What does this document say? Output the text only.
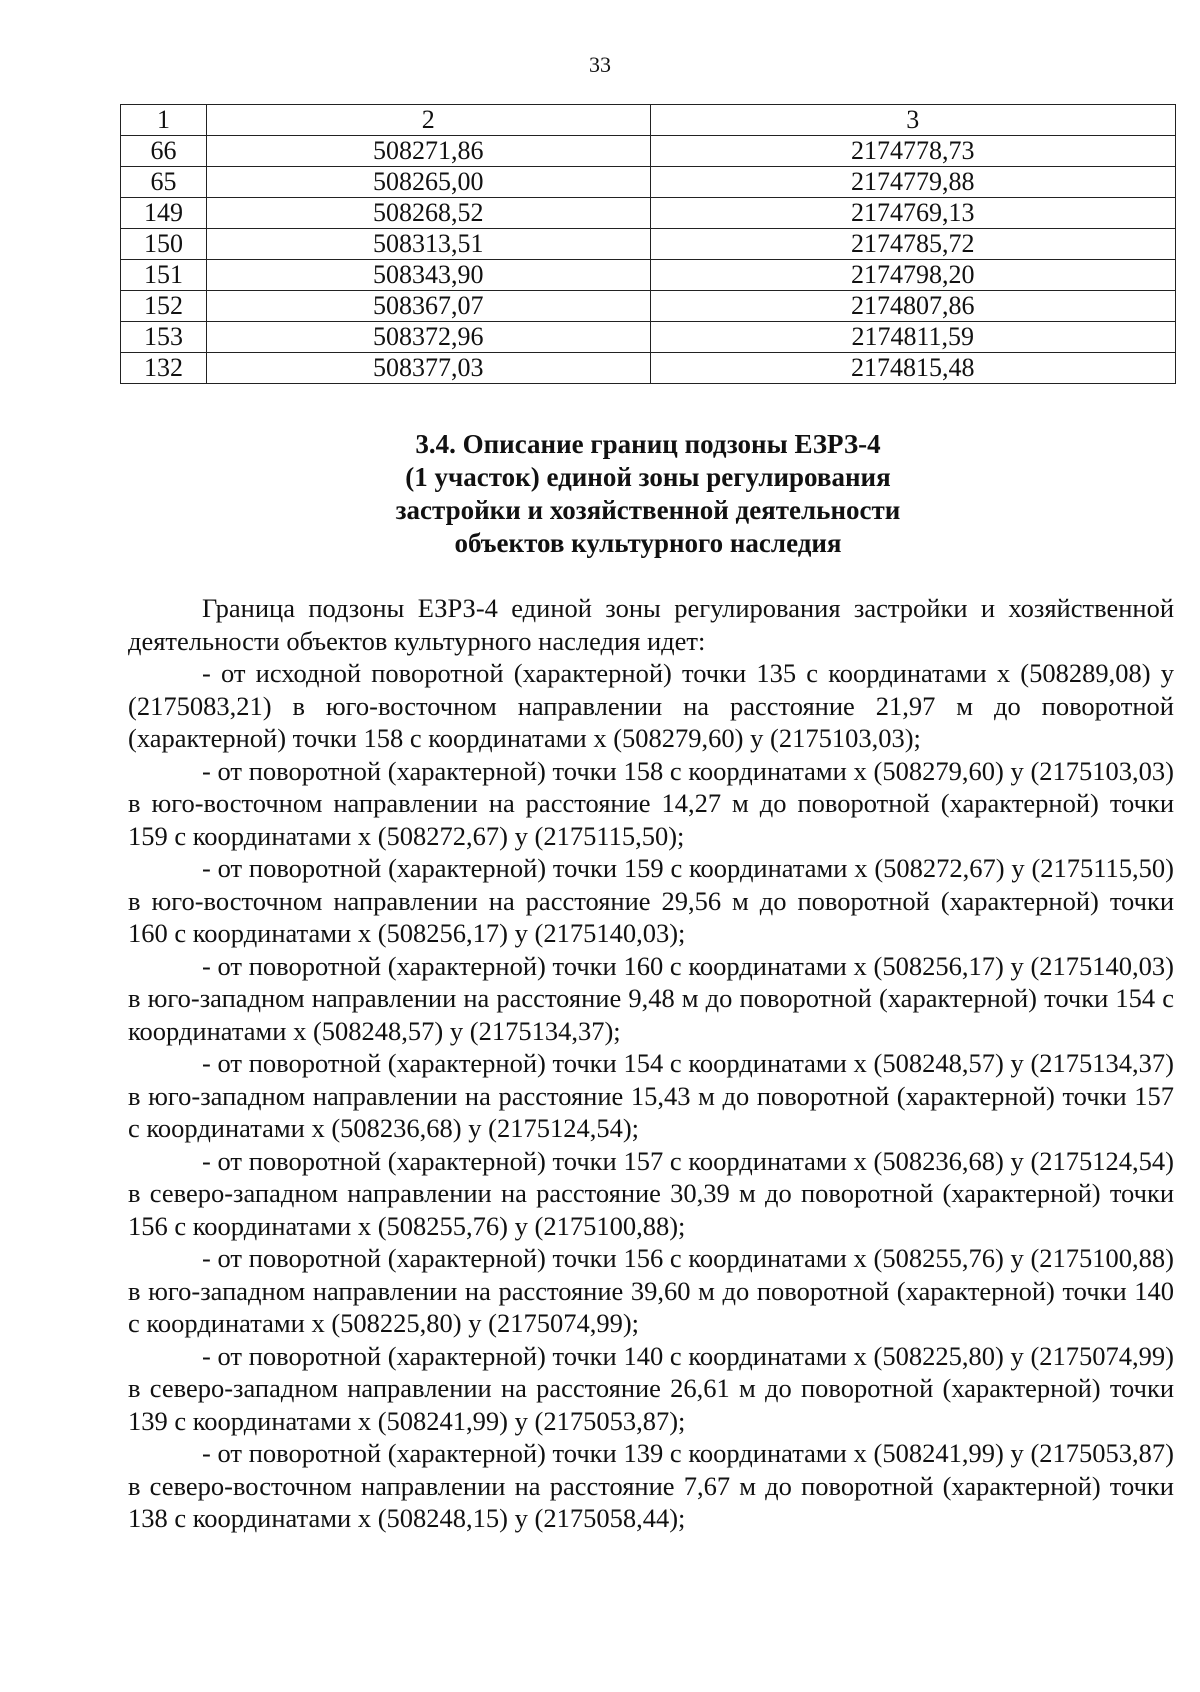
33
1	2	3
66	508271,86	2174778,73
65	508265,00	2174779,88
149	508268,52	2174769,13
150	508313,51	2174785,72
151	508343,90	2174798,20
152	508367,07	2174807,86
153	508372,96	2174811,59
132	508377,03	2174815,48
3.4. Описание границ подзоны ЕЗРЗ-4
(1 участок) единой зоны регулирования
застройки и хозяйственной деятельности
объектов культурного наследия

Граница подзоны ЕЗРЗ-4 единой зоны регулирования застройки и хозяйственной деятельности объектов культурного наследия идет:

- от исходной поворотной (характерной) точки 135 с координатами х (508289,08) у (2175083,21) в юго-восточном направлении на расстояние 21,97 м до поворотной (характерной) точки 158 с координатами х (508279,60) у (2175103,03);

- от поворотной (характерной) точки 158 с координатами х (508279,60) у (2175103,03) в юго-восточном направлении на расстояние 14,27 м до поворотной (характерной) точки 159 с координатами х (508272,67) у (2175115,50);

- от поворотной (характерной) точки 159 с координатами х (508272,67) у (2175115,50) в юго-восточном направлении на расстояние 29,56 м до поворотной (характерной) точки 160 с координатами х (508256,17) у (2175140,03);

- от поворотной (характерной) точки 160 с координатами х (508256,17) у (2175140,03) в юго-западном направлении на расстояние 9,48 м до поворотной (характерной) точки 154 с координатами х (508248,57) у (2175134,37);

- от поворотной (характерной) точки 154 с координатами х (508248,57) у (2175134,37) в юго-западном направлении на расстояние 15,43 м до поворотной (характерной) точки 157 с координатами х (508236,68) у (2175124,54);

- от поворотной (характерной) точки 157 с координатами х (508236,68) у (2175124,54) в северо-западном направлении на расстояние 30,39 м до поворотной (характерной) точки 156 с координатами х (508255,76) у (2175100,88);

- от поворотной (характерной) точки 156 с координатами х (508255,76) у (2175100,88) в юго-западном направлении на расстояние 39,60 м до поворотной (характерной) точки 140 с координатами х (508225,80) у (2175074,99);

- от поворотной (характерной) точки 140 с координатами х (508225,80) у (2175074,99) в северо-западном направлении на расстояние 26,61 м до поворотной (характерной) точки 139 с координатами х (508241,99) у (2175053,87);

- от поворотной (характерной) точки 139 с координатами х (508241,99) у (2175053,87) в северо-восточном направлении на расстояние 7,67 м до поворотной (характерной) точки 138 с координатами х (508248,15) у (2175058,44);
